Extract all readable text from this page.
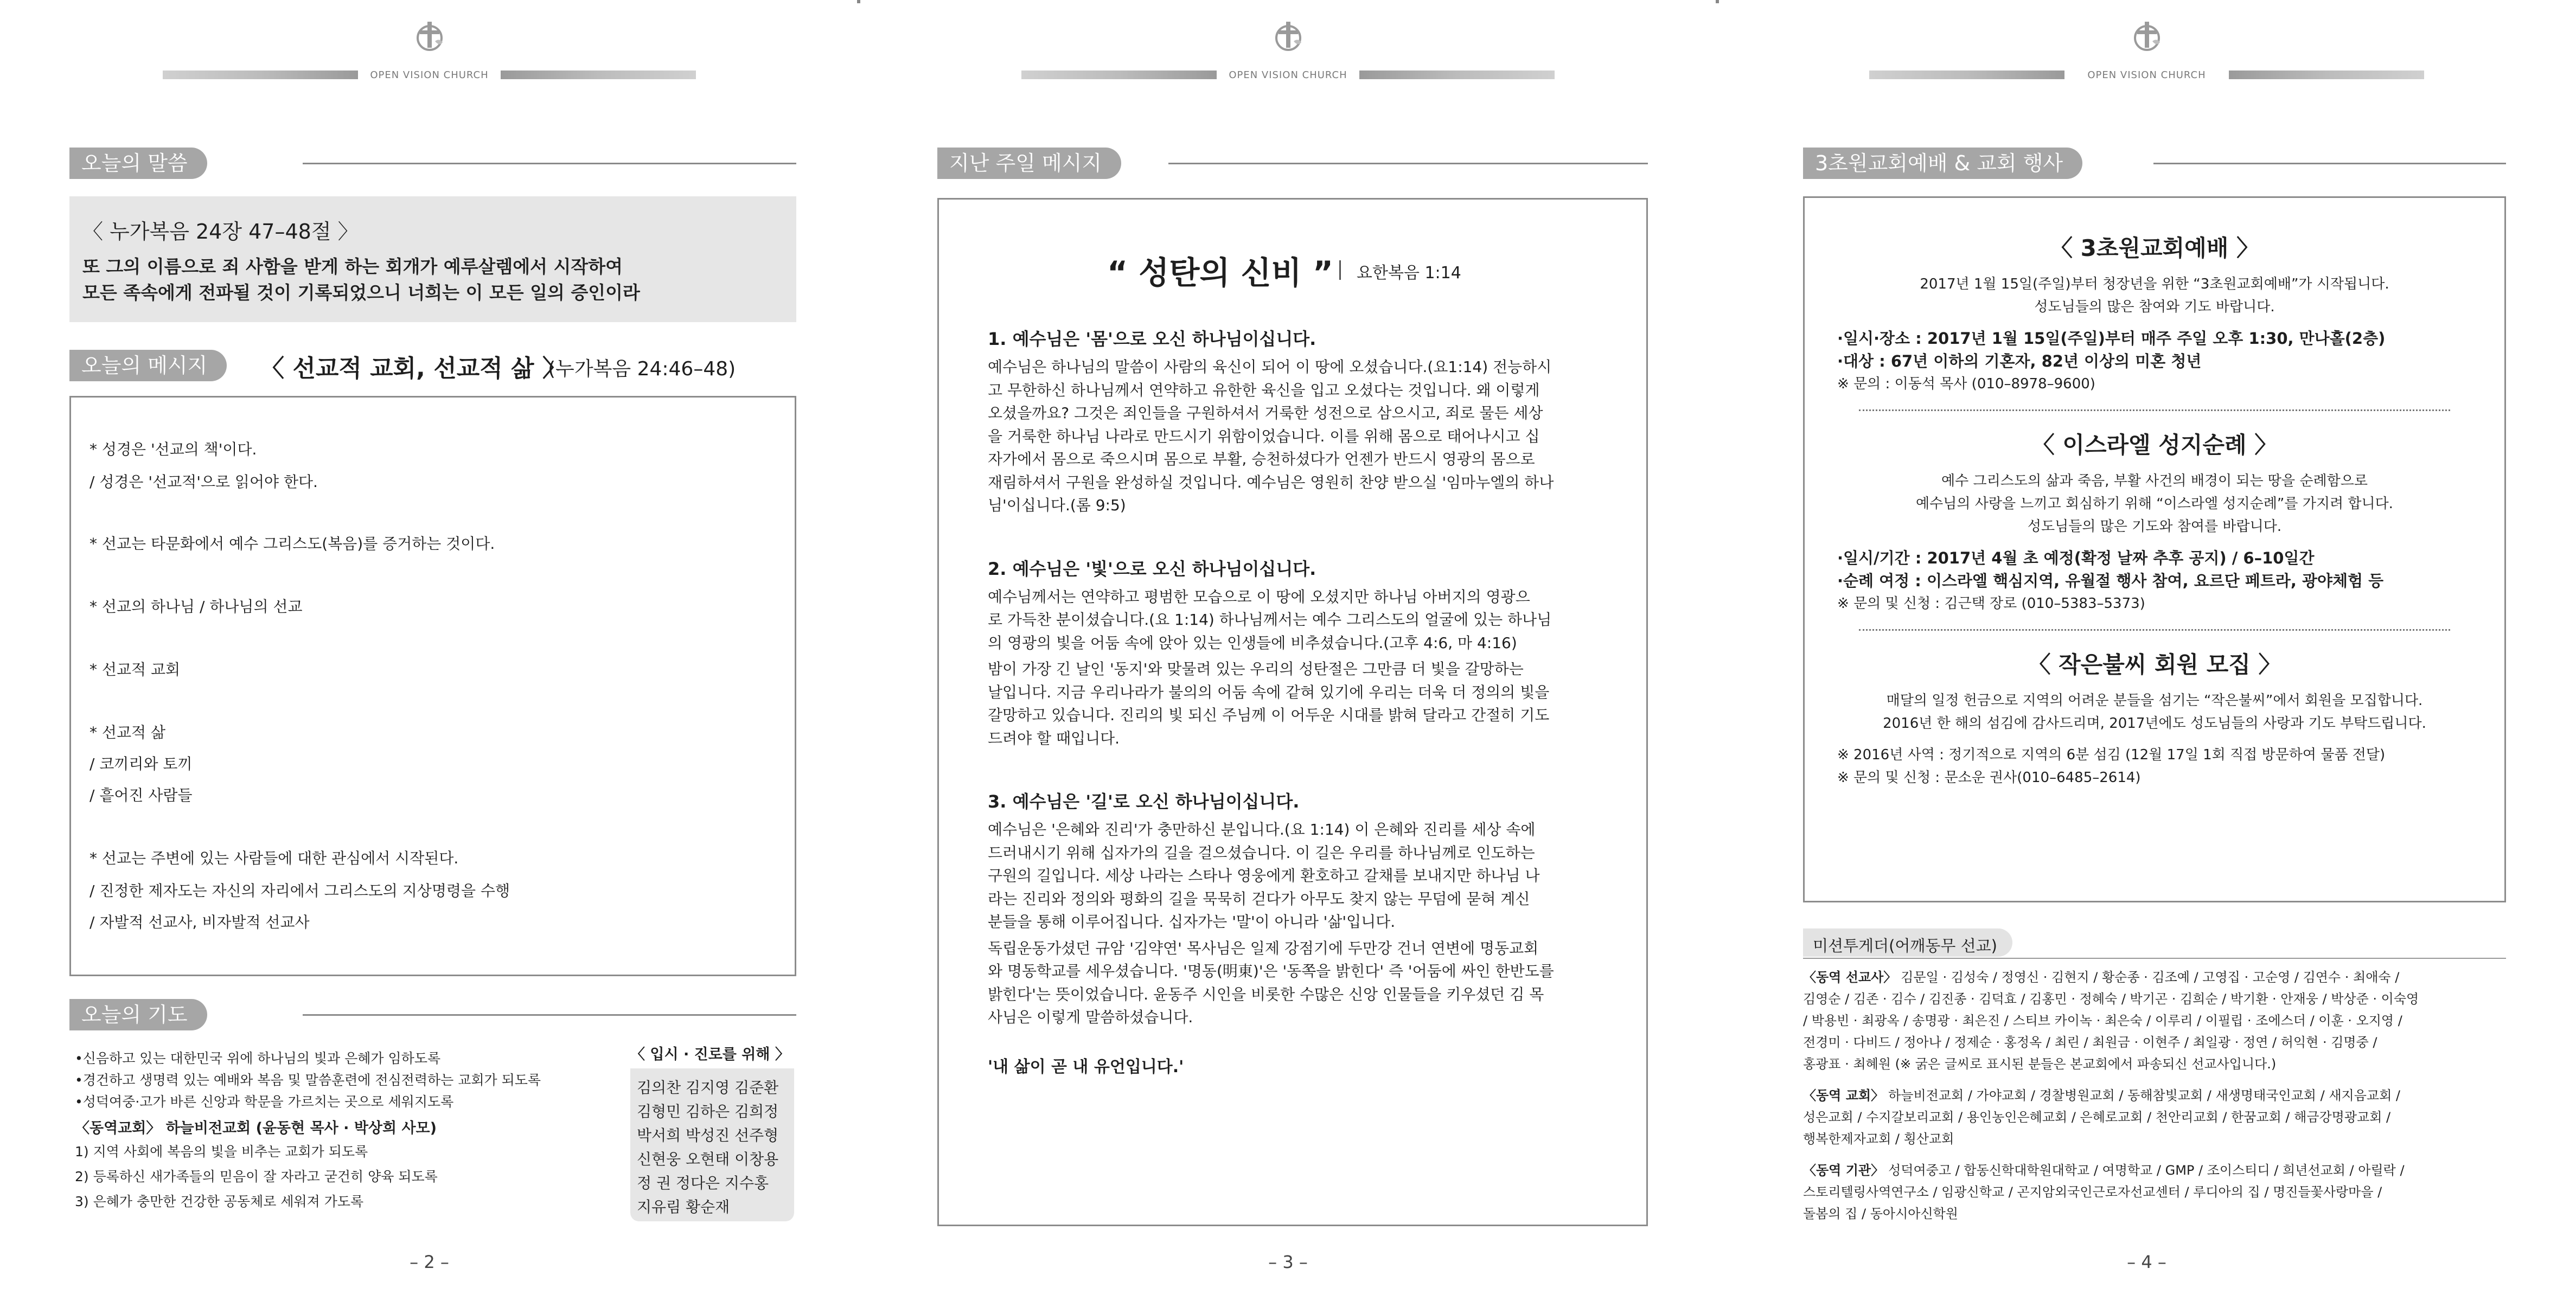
OPEN VISION CHURCH
오늘의 말씀
〈 누가복음 24장 47–48절 〉
또 그의 이름으로 죄 사함을 받게 하는 회개가 예루살렘에서 시작하여
모든 족속에게 전파될 것이 기록되었으니 너희는 이 모든 일의 증인이라
오늘의 메시지	〈 선교적 교회, 선교적 삶 〉
(누가복음 24:46–48)
* 성경은 '선교의 책'이다.
/ 성경은 '선교적'으로 읽어야 한다.
* 선교는 타문화에서 예수 그리스도(복음)를 증거하는 것이다.
* 선교의 하나님 / 하나님의 선교
* 선교적 교회
* 선교적 삶
/ 코끼리와 토끼
/ 흩어진 사람들
* 선교는 주변에 있는 사람들에 대한 관심에서 시작된다.
/ 진정한 제자도는 자신의 자리에서 그리스도의 지상명령을 수행
/ 자발적 선교사, 비자발적 선교사
오늘의 기도
•신음하고 있는 대한민국 위에 하나님의 빛과 은혜가 임하도록
•경건하고 생명력 있는 예배와 복음 및 말씀훈련에 전심전력하는 교회가 되도록
•성덕여중·고가 바른 신앙과 학문을 가르치는 곳으로 세워지도록
〈동역교회〉 하늘비전교회 (윤동현 목사 · 박상희 사모)
1) 지역 사회에 복음의 빛을 비추는 교회가 되도록
2) 등록하신 새가족들의 믿음이 잘 자라고 굳건히 양육 되도록
3) 은혜가 충만한 건강한 공동체로 세워져 가도록
〈 입시 · 진로를 위해 〉
김의찬 김지영 김준환
김형민 김하은 김희정
박서희 박성진 선주형
신현웅 오현태 이창용
정 권 정다은 지수홍
지유림 황순재
– 2 –
OPEN VISION CHURCH
지난 주일 메시지
“ 성탄의 신비 ” 요한복음 1:14
1. 예수님은 '몸'으로 오신 하나님이십니다.
예수님은 하나님의 말씀이 사람의 육신이 되어 이 땅에 오셨습니다.(요1:14) 전능하시
고 무한하신 하나님께서 연약하고 유한한 육신을 입고 오셨다는 것입니다. 왜 이렇게
오셨을까요? 그것은 죄인들을 구원하셔서 거룩한 성전으로 삼으시고, 죄로 물든 세상
을 거룩한 하나님 나라로 만드시기 위함이었습니다. 이를 위해 몸으로 태어나시고 십
자가에서 몸으로 죽으시며 몸으로 부활, 승천하셨다가 언젠가 반드시 영광의 몸으로
재림하셔서 구원을 완성하실 것입니다. 예수님은 영원히 찬양 받으실 '임마누엘의 하나
님'이십니다.(롬 9:5)
2. 예수님은 '빛'으로 오신 하나님이십니다.
예수님께서는 연약하고 평범한 모습으로 이 땅에 오셨지만 하나님 아버지의 영광으
로 가득찬 분이셨습니다.(요 1:14) 하나님께서는 예수 그리스도의 얼굴에 있는 하나님
의 영광의 빛을 어둠 속에 앉아 있는 인생들에 비추셨습니다.(고후 4:6, 마 4:16)
밤이 가장 긴 날인 '동지'와 맞물려 있는 우리의 성탄절은 그만큼 더 빛을 갈망하는
날입니다. 지금 우리나라가 불의의 어둠 속에 같혀 있기에 우리는 더욱 더 정의의 빛을
갈망하고 있습니다. 진리의 빛 되신 주님께 이 어두운 시대를 밝혀 달라고 간절히 기도
드려야 할 때입니다.
3. 예수님은 '길'로 오신 하나님이십니다.
예수님은 '은혜와 진리'가 충만하신 분입니다.(요 1:14) 이 은혜와 진리를 세상 속에
드러내시기 위해 십자가의 길을 걸으셨습니다. 이 길은 우리를 하나님께로 인도하는
구원의 길입니다. 세상 나라는 스타나 영웅에게 환호하고 갈채를 보내지만 하나님 나
라는 진리와 정의와 평화의 길을 묵묵히 걷다가 아무도 찾지 않는 무덤에 묻혀 계신
분들을 통해 이루어집니다. 십자가는 '말'이 아니라 '삶'입니다.
독립운동가셨던 규암 '김약연' 목사님은 일제 강점기에 두만강 건너 연변에 명동교회
와 명동학교를 세우셨습니다. '명동(明東)'은 '동쪽을 밝힌다' 즉 '어둠에 싸인 한반도를
밝힌다'는 뜻이었습니다. 윤동주 시인을 비롯한 수많은 신앙 인물들을 키우셨던 김 목
사님은 이렇게 말씀하셨습니다.
'내 삶이 곧 내 유언입니다.'
– 3 –
OPEN VISION CHURCH
3초원교회예배 & 교회 행사
〈 3초원교회예배 〉
2017년 1월 15일(주일)부터 청장년을 위한 “3초원교회예배”가 시작됩니다.
성도님들의 많은 참여와 기도 바랍니다.
·일시·장소 : 2017년 1월 15일(주일)부터 매주 주일 오후 1:30, 만나홀(2층)
·대상 : 67년 이하의 기혼자, 82년 이상의 미혼 청년
※ 문의 : 이동석 목사 (010–8978–9600)
〈 이스라엘 성지순례 〉
예수 그리스도의 삶과 죽음, 부활 사건의 배경이 되는 땅을 순례함으로
예수님의 사랑을 느끼고 회심하기 위해 “이스라엘 성지순례”를 가지려 합니다.
성도님들의 많은 기도와 참여를 바랍니다.
·일시/기간 : 2017년 4월 초 예정(확정 날짜 추후 공지) / 6–10일간
·순례 여정 : 이스라엘 핵심지역, 유월절 행사 참여, 요르단 페트라, 광야체험 등
※ 문의 및 신청 : 김근택 장로 (010–5383–5373)
〈 작은불씨 회원 모집 〉
매달의 일정 헌금으로 지역의 어려운 분들을 섬기는 “작은불씨”에서 회원을 모집합니다.
2016년 한 해의 섬김에 감사드리며, 2017년에도 성도님들의 사랑과 기도 부탁드립니다.
※ 2016년 사역 : 정기적으로 지역의 6분 섬김 (12월 17일 1회 직접 방문하여 물품 전달)
※ 문의 및 신청 : 문소운 권사(010–6485–2614)
미션투게더(어깨동무 선교)
〈동역 선교사〉 김문일 · 김성숙 / 정영신 · 김현지 / 황순종 · 김조예 / 고영집 · 고순영 / 김연수 · 최애숙 /
김영순 / 김존 · 김수 / 김진종 · 김덕효 / 김홍민 · 정혜숙 / 박기곤 · 김희순 / 박기환 · 안재웅 / 박상준 · 이숙영
/ 박용빈 · 최광옥 / 송명광 · 최은진 / 스티브 카이녹 · 최은숙 / 이루리 / 이필립 · 조에스더 / 이훈 · 오지영 /
전경미 · 다비드 / 정아나 / 정제순 · 홍정옥 / 최린 / 최원금 · 이현주 / 최일광 · 정연 / 허익현 · 김명중 /
홍광표 · 최혜원 (※ 굵은 글씨로 표시된 분들은 본교회에서 파송되신 선교사입니다.)
〈동역 교회〉 하늘비전교회 / 가야교회 / 경찰병원교회 / 동해참빛교회 / 새생명태국인교회 / 새지음교회 /
성은교회 / 수지갈보리교회 / 용인농인은혜교회 / 은혜로교회 / 천안리교회 / 한꿈교회 / 해금강명광교회 /
행복한제자교회 / 횡산교회
〈동역 기관〉 성덕여중고 / 합동신학대학원대학교 / 여명학교 / GMP / 조이스티디 / 희년선교회 / 아릴락 /
스토리텔링사역연구소 / 임광신학교 / 곤지암외국인근로자선교센터 / 루디아의 집 / 명진들꽃사랑마을 /
돌봄의 집 / 동아시아신학원
– 4 –
